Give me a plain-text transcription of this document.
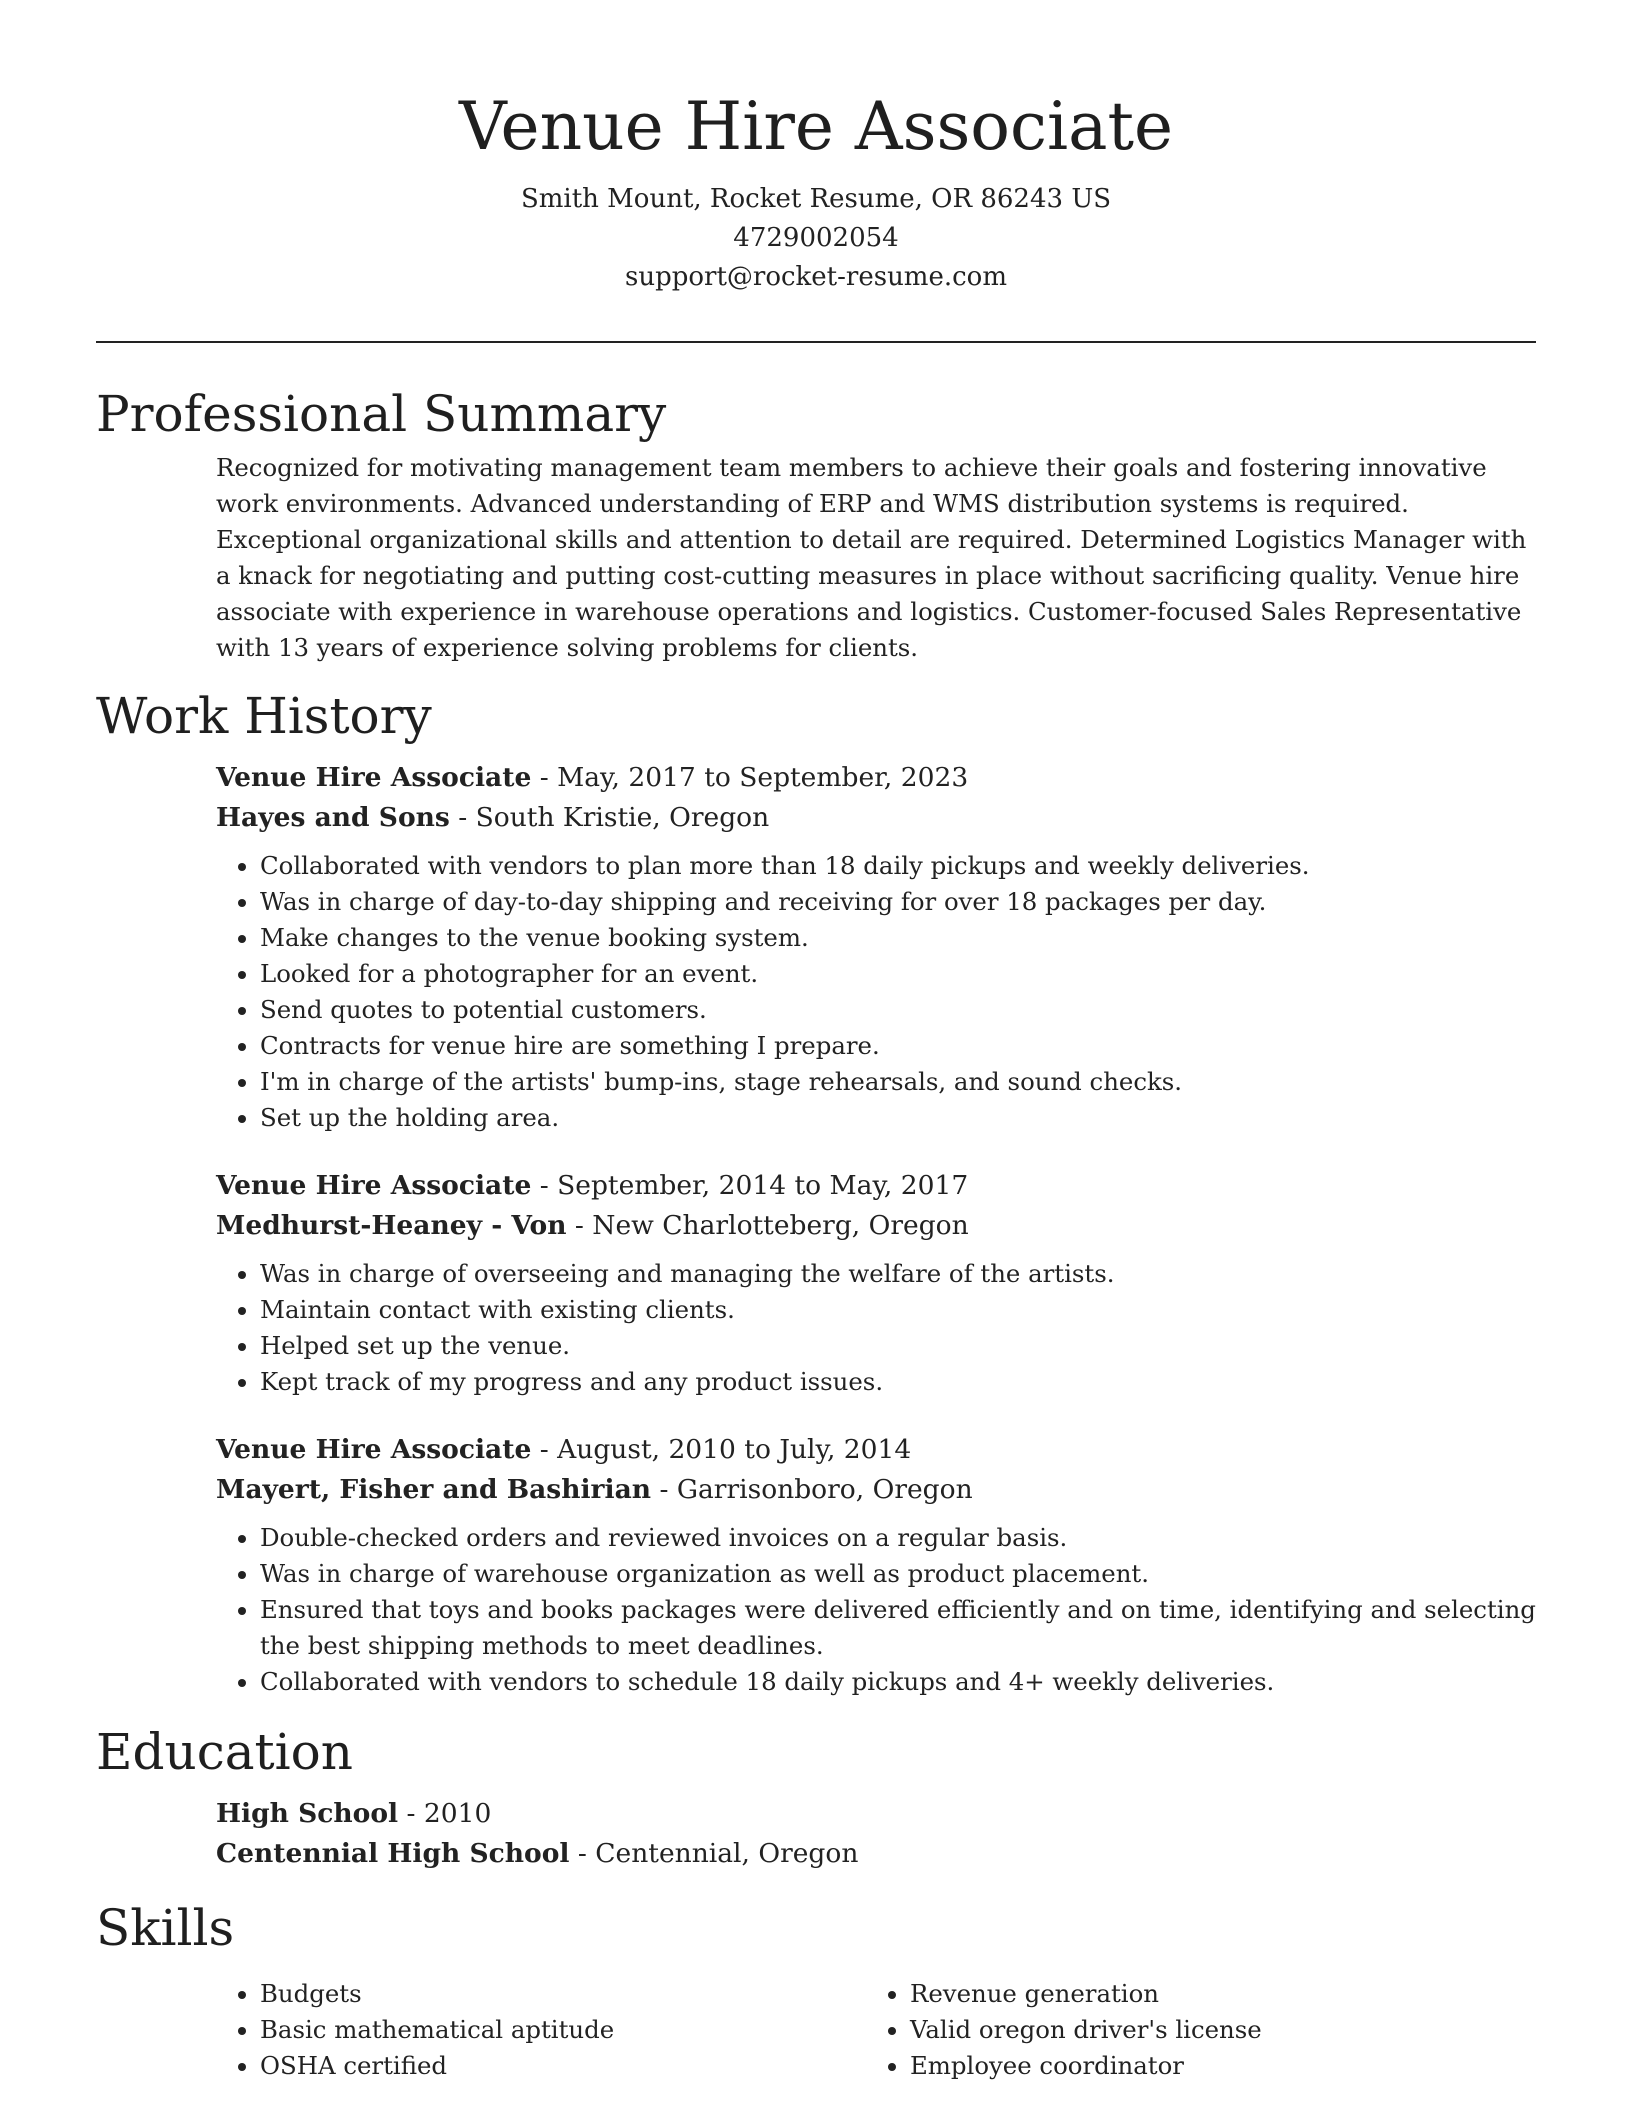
Venue Hire Associate

Smith Mount, Rocket Resume, OR 86243 US

4729002054

support@rocket-resume.com

Professional Summary

Recognized for motivating management team members to achieve their goals and fostering innovative work environments. Advanced understanding of ERP and WMS distribution systems is required. Exceptional organizational skills and attention to detail are required. Determined Logistics Manager with a knack for negotiating and putting cost-cutting measures in place without sacrificing quality. Venue hire associate with experience in warehouse operations and logistics. Customer-focused Sales Representative with 13 years of experience solving problems for clients.

Work History

Venue Hire Associate - May, 2017 to September, 2023

Hayes and Sons - South Kristie, Oregon

• Collaborated with vendors to plan more than 18 daily pickups and weekly deliveries.
• Was in charge of day-to-day shipping and receiving for over 18 packages per day.
• Make changes to the venue booking system.
• Looked for a photographer for an event.
• Send quotes to potential customers.
• Contracts for venue hire are something I prepare.
• I'm in charge of the artists' bump-ins, stage rehearsals, and sound checks.
• Set up the holding area.

Venue Hire Associate - September, 2014 to May, 2017

Medhurst-Heaney - Von - New Charlotteberg, Oregon

• Was in charge of overseeing and managing the welfare of the artists.
• Maintain contact with existing clients.
• Helped set up the venue.
• Kept track of my progress and any product issues.

Venue Hire Associate - August, 2010 to July, 2014

Mayert, Fisher and Bashirian - Garrisonboro, Oregon

• Double-checked orders and reviewed invoices on a regular basis.
• Was in charge of warehouse organization as well as product placement.
• Ensured that toys and books packages were delivered efficiently and on time, identifying and selecting the best shipping methods to meet deadlines.
• Collaborated with vendors to schedule 18 daily pickups and 4+ weekly deliveries.
Education

High School - 2010

Centennial High School - Centennial, Oregon

Skills
• Budgets
• Basic mathematical aptitude
• OSHA certified
• Revenue generation
• Valid oregon driver's license
• Employee coordinator
